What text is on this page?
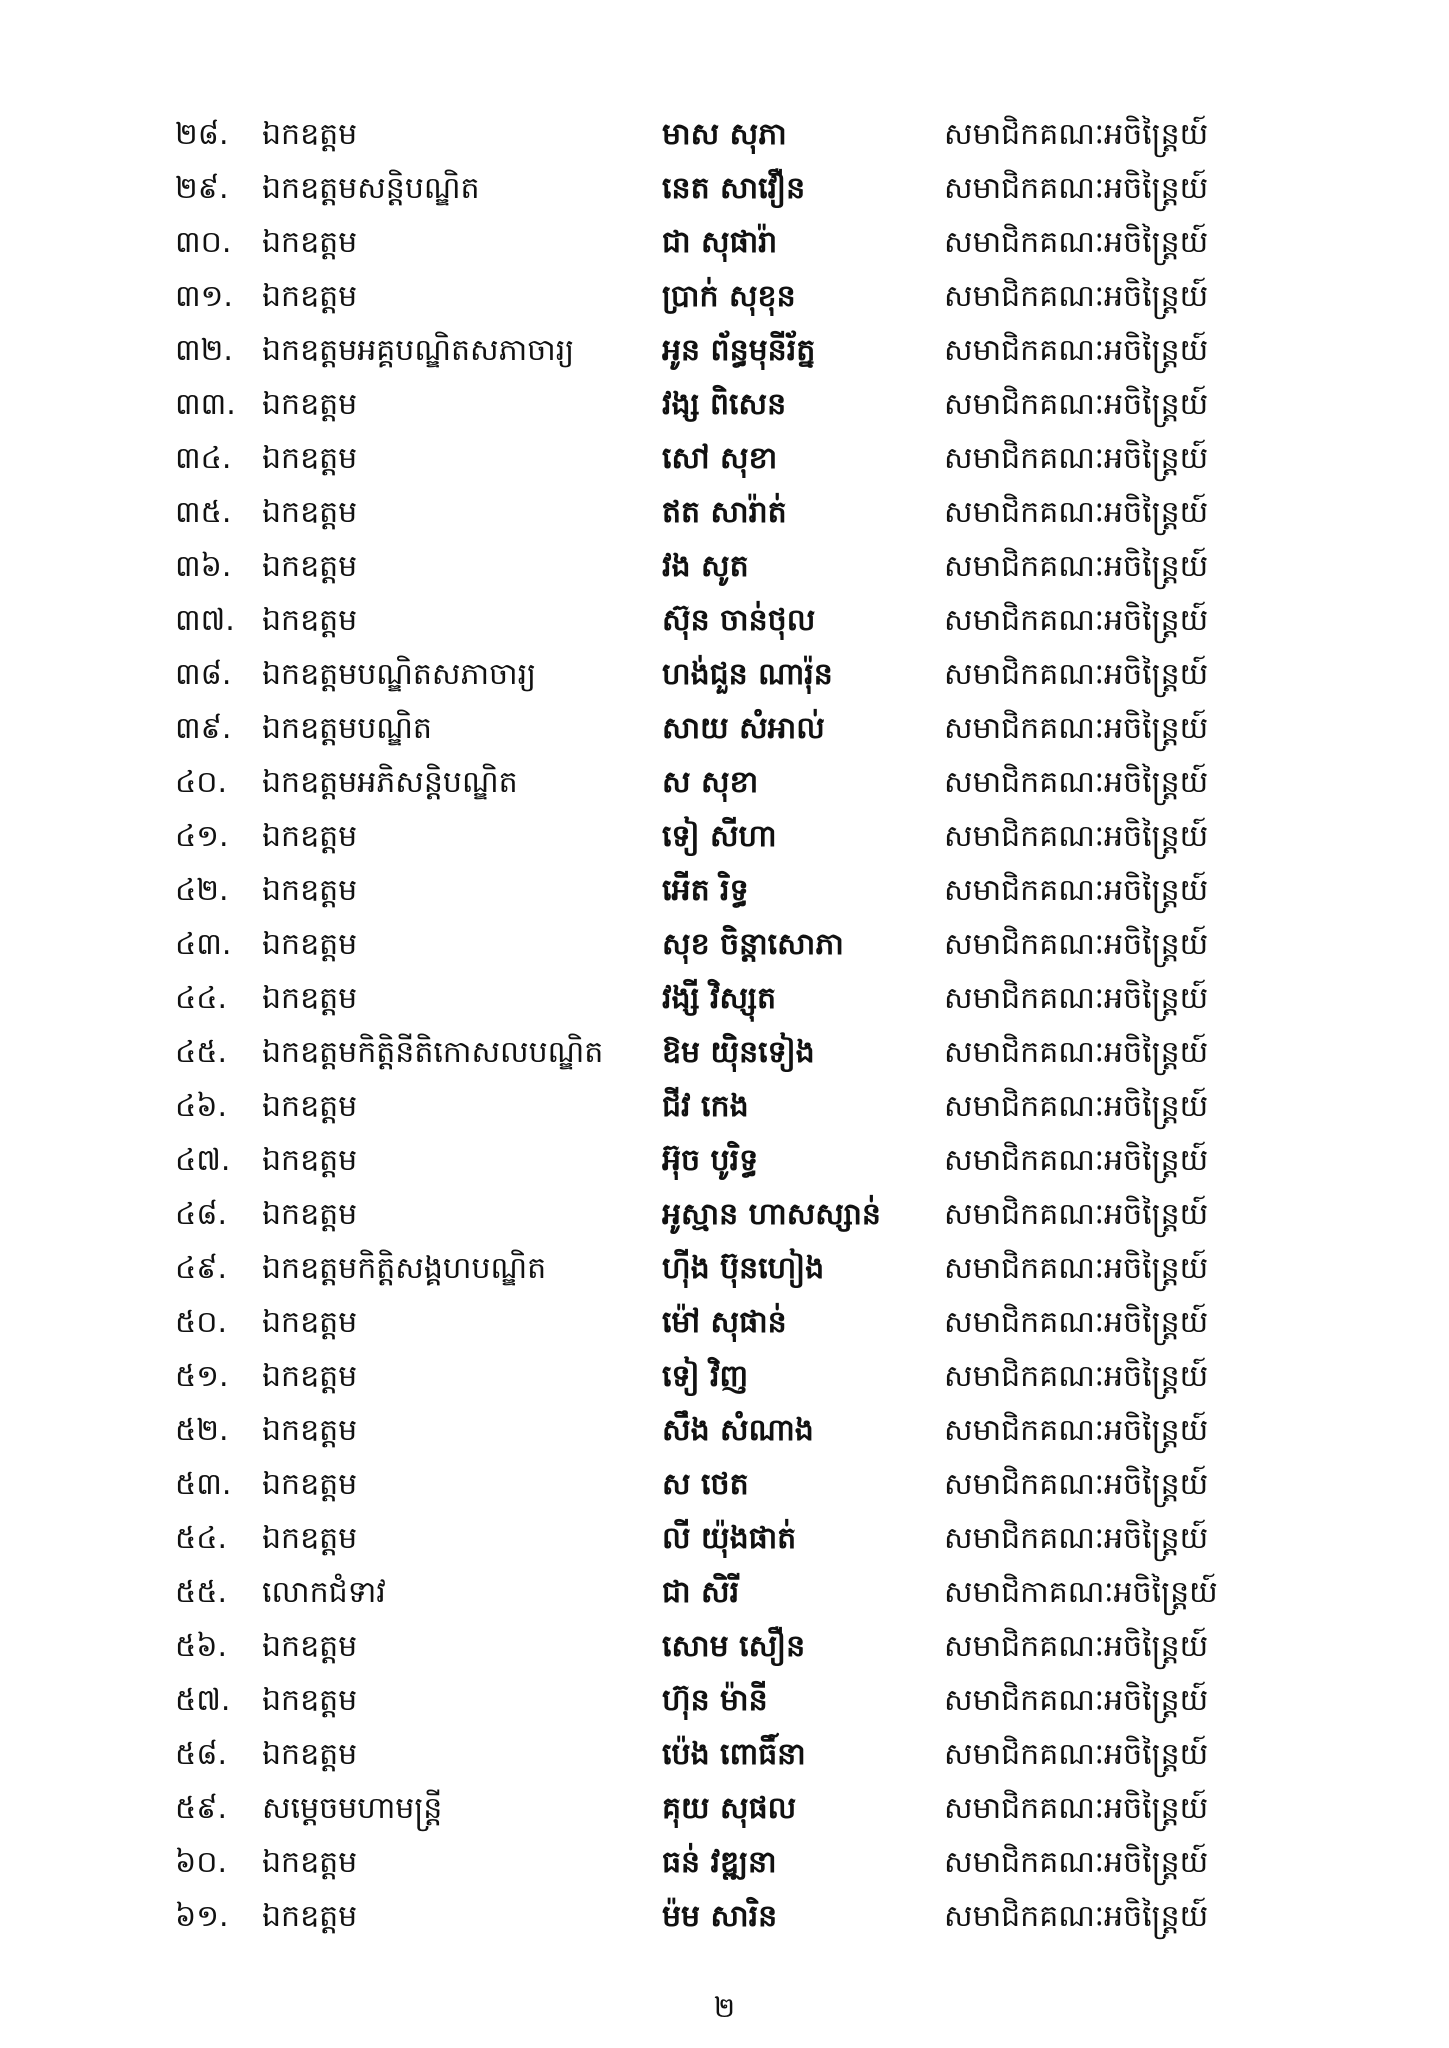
២៨.	ឯកឧត្តម	មាស សុភា	សមាជិកគណៈអចិន្ត្រៃយ៍
២៩.	ឯកឧត្តមសន្តិបណ្ឌិត	នេត សាវឿន	សមាជិកគណៈអចិន្ត្រៃយ៍
៣០.	ឯកឧត្តម	ជា សុផារ៉ា	សមាជិកគណៈអចិន្ត្រៃយ៍
៣១. ឯកឧត្តម	ប្រាក់ សុខុន	សមាជិកគណៈអចិន្ត្រៃយ៍
៣២. ឯកឧត្តមអគ្គបណ្ឌិតសភាចារ្យ	អូន ព័ន្ធមុនីរ័ត្ន	សមាជិកគណៈអចិន្ត្រៃយ៍
៣៣. ឯកឧត្តម	វង្ស ពិសេន	សមាជិកគណៈអចិន្ត្រៃយ៍
៣៤.	ឯកឧត្តម	សៅ សុខា	សមាជិកគណៈអចិន្ត្រៃយ៍
៣៥.	ឯកឧត្តម	ឥត សារ៉ាត់	សមាជិកគណៈអចិន្ត្រៃយ៍
៣៦.	ឯកឧត្តម	វង សូត	សមាជិកគណៈអចិន្ត្រៃយ៍
៣៧. ឯកឧត្តម	ស៊ុន ចាន់ថុល	សមាជិកគណៈអចិន្ត្រៃយ៍
៣៨.	ឯកឧត្តមបណ្ឌិតសភាចារ្យ	ហង់ជួន ណារ៉ុន	សមាជិកគណៈអចិន្ត្រៃយ៍
៣៩.	ឯកឧត្តមបណ្ឌិត	សាយ សំអាល់	សមាជិកគណៈអចិន្ត្រៃយ៍
៤០.	ឯកឧត្តមអភិសន្តិបណ្ឌិត	ស សុខា	សមាជិកគណៈអចិន្ត្រៃយ៍
៤១.	ឯកឧត្តម	ទៀ សីហា	សមាជិកគណៈអចិន្ត្រៃយ៍
៤២.	ឯកឧត្តម	អើត រិទ្ធ	សមាជិកគណៈអចិន្ត្រៃយ៍
៤៣.	ឯកឧត្តម	សុខ ចិន្តាសោភា	សមាជិកគណៈអចិន្ត្រៃយ៍
៤៤.	ឯកឧត្តម	វង្សី វិស្សុត	សមាជិកគណៈអចិន្ត្រៃយ៍
៤៥.	ឯកឧត្តមកិត្តិនីតិកោសលបណ្ឌិត	ឱម យ៉ិនទៀង	សមាជិកគណៈអចិន្ត្រៃយ៍
៤៦.	ឯកឧត្តម	ជីវ កេង	សមាជិកគណៈអចិន្ត្រៃយ៍
៤៧.	ឯកឧត្តម	អ៊ុច បូរិទ្ធ	សមាជិកគណៈអចិន្ត្រៃយ៍
៤៨.	ឯកឧត្តម	អូស្មាន ហាសស្សាន់	សមាជិកគណៈអចិន្ត្រៃយ៍
៤៩.	ឯកឧត្តមកិត្តិសង្គហបណ្ឌិត	ហ៊ីង ប៊ុនហៀង	សមាជិកគណៈអចិន្ត្រៃយ៍
៥០.	ឯកឧត្តម	ម៉ៅ សុផាន់	សមាជិកគណៈអចិន្ត្រៃយ៍
៥១.	ឯកឧត្តម	ទៀ វិញ	សមាជិកគណៈអចិន្ត្រៃយ៍
៥២.	ឯកឧត្តម	សឹង សំណាង	សមាជិកគណៈអចិន្ត្រៃយ៍
៥៣.	ឯកឧត្តម	ស ថេត	សមាជិកគណៈអចិន្ត្រៃយ៍
៥៤.	ឯកឧត្តម	លី យ៉ុងផាត់	សមាជិកគណៈអចិន្ត្រៃយ៍
៥៥.	លោកជំទាវ	ជា សិរី	សមាជិកាគណៈអចិន្ត្រៃយ៍
៥៦.	ឯកឧត្តម	សោម សឿន	សមាជិកគណៈអចិន្ត្រៃយ៍
៥៧.	ឯកឧត្តម	ហ៊ុន ម៉ានី	សមាជិកគណៈអចិន្ត្រៃយ៍
៥៨.	ឯកឧត្តម	ប៉េង ពោធិ៍នា	សមាជិកគណៈអចិន្ត្រៃយ៍
៥៩.	សម្តេចមហាមន្ត្រី	គុយ សុផល	សមាជិកគណៈអចិន្ត្រៃយ៍
៦០.	ឯកឧត្តម	ធន់ វឌ្ឍនា	សមាជិកគណៈអចិន្ត្រៃយ៍
៦១.	ឯកឧត្តម	ម៉ម សារិន	សមាជិកគណៈអចិន្ត្រៃយ៍
២
